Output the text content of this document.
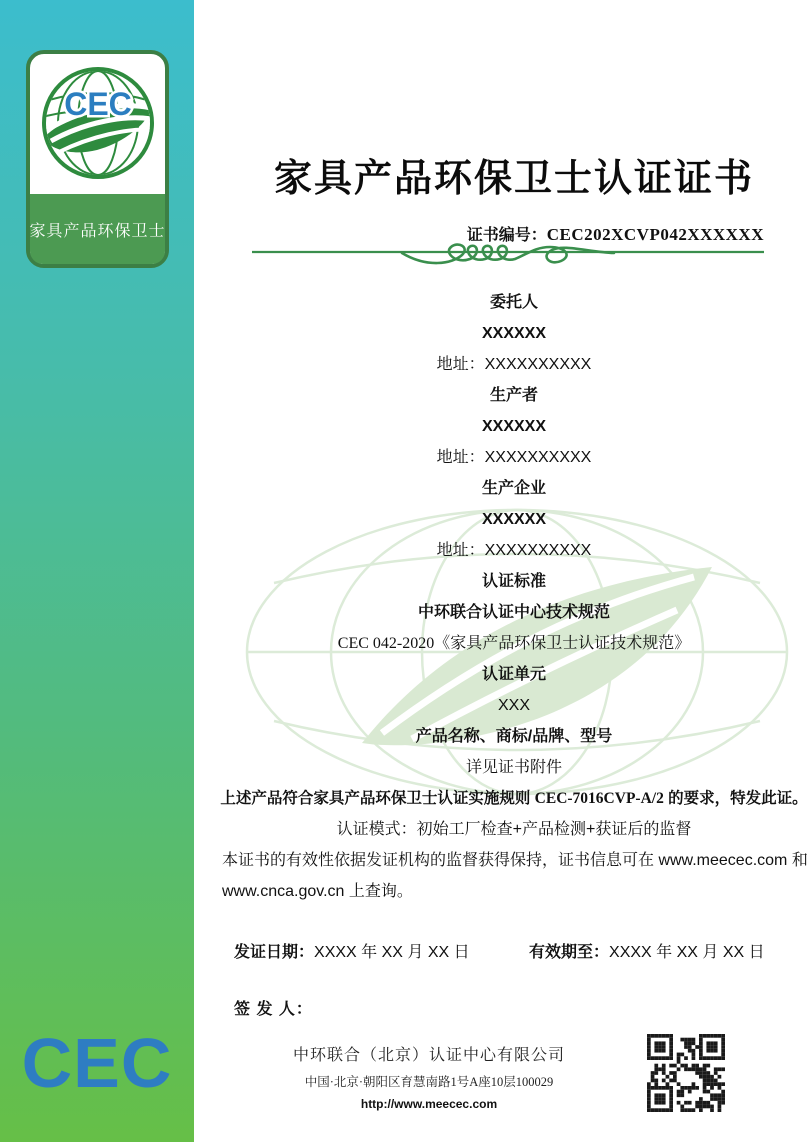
CEC
家具产品环保卫士
CEC
家具产品环保卫士认证证书
证书编号：CEC202XCVP042XXXXXX
委托人
XXXXXX
地址：XXXXXXXXXX
生产者
XXXXXX
地址：XXXXXXXXXX
生产企业
XXXXXX
地址：XXXXXXXXXX
认证标准
中环联合认证中心技术规范
CEC 042-2020《家具产品环保卫士认证技术规范》
认证单元
XXX
产品名称、商标/品牌、型号
详见证书附件
上述产品符合家具产品环保卫士认证实施规则 CEC-7016CVP-A/2 的要求，特发此证。
认证模式：初始工厂检查+产品检测+获证后的监督
本证书的有效性依据发证机构的监督获得保持，证书信息可在 www.meecec.com 和
www.cnca.gov.cn 上查询。
发证日期：XXXX 年 XX 月 XX 日	有效期至：XXXX 年 XX 月 XX 日
签 发 人：
中环联合（北京）认证中心有限公司
中国·北京·朝阳区育慧南路1号A座10层100029
http://www.meecec.com
